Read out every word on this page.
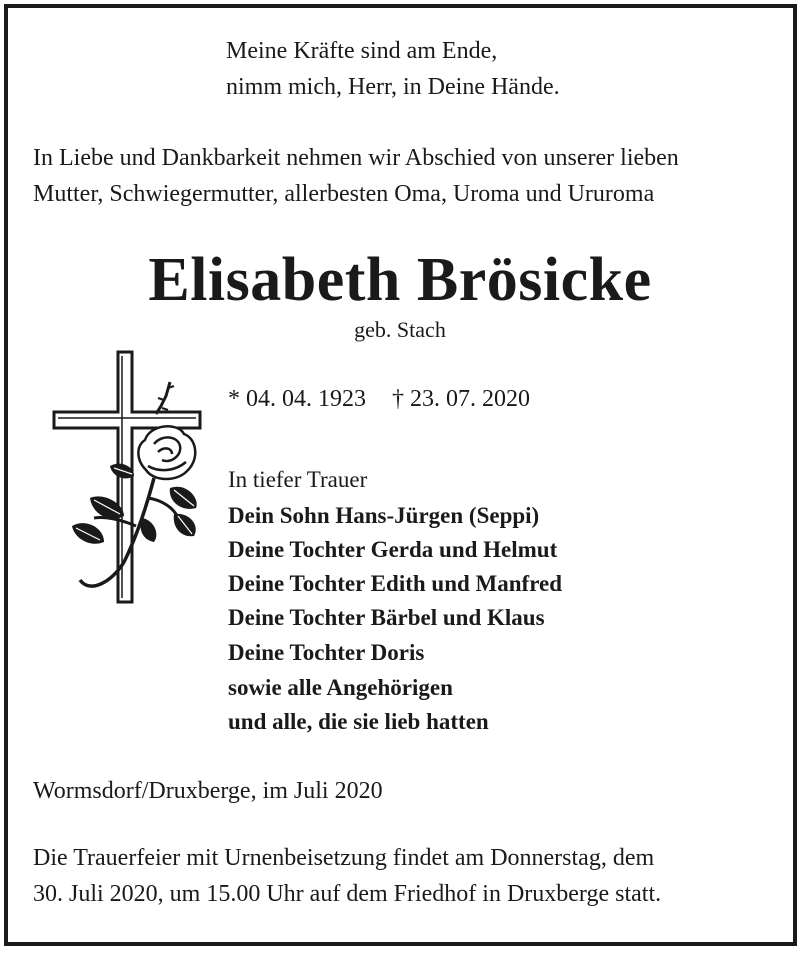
Meine Kräfte sind am Ende,

nimm mich, Herr, in Deine Hände.

In Liebe und Dankbarkeit nehmen wir Abschied von unserer lieben

Mutter, Schwiegermutter, allerbesten Oma, Uroma und Ururoma

Elisabeth Brösicke

geb. Stach

* 04. 04. 1923 † 23. 07. 2020

In tiefer Trauer

Dein Sohn Hans-Jürgen (Seppi)

Deine Tochter Gerda und Helmut

Deine Tochter Edith und Manfred

Deine Tochter Bärbel und Klaus

Deine Tochter Doris

sowie alle Angehörigen

und alle, die sie lieb hatten

Wormsdorf/Druxberge, im Juli 2020

Die Trauerfeier mit Urnenbeisetzung findet am Donnerstag, dem

30. Juli 2020, um 15.00 Uhr auf dem Friedhof in Druxberge statt.
